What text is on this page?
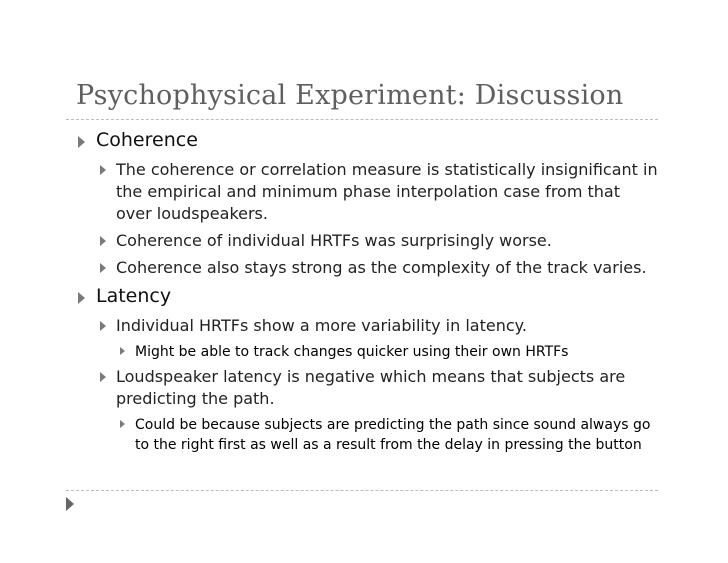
Psychophysical Experiment: Discussion
Coherence
The coherence or correlation measure is statistically insignificant in the empirical and minimum phase interpolation case from that over loudspeakers.
Coherence of individual HRTFs was surprisingly worse.
Coherence also stays strong as the complexity of the track varies.
Latency
Individual HRTFs show a more variability in latency.
Might be able to track changes quicker using their own HRTFs
Loudspeaker latency is negative which means that subjects are predicting the path.
Could be because subjects are predicting the path since sound always go to the right first as well as a result from the delay in pressing the button
